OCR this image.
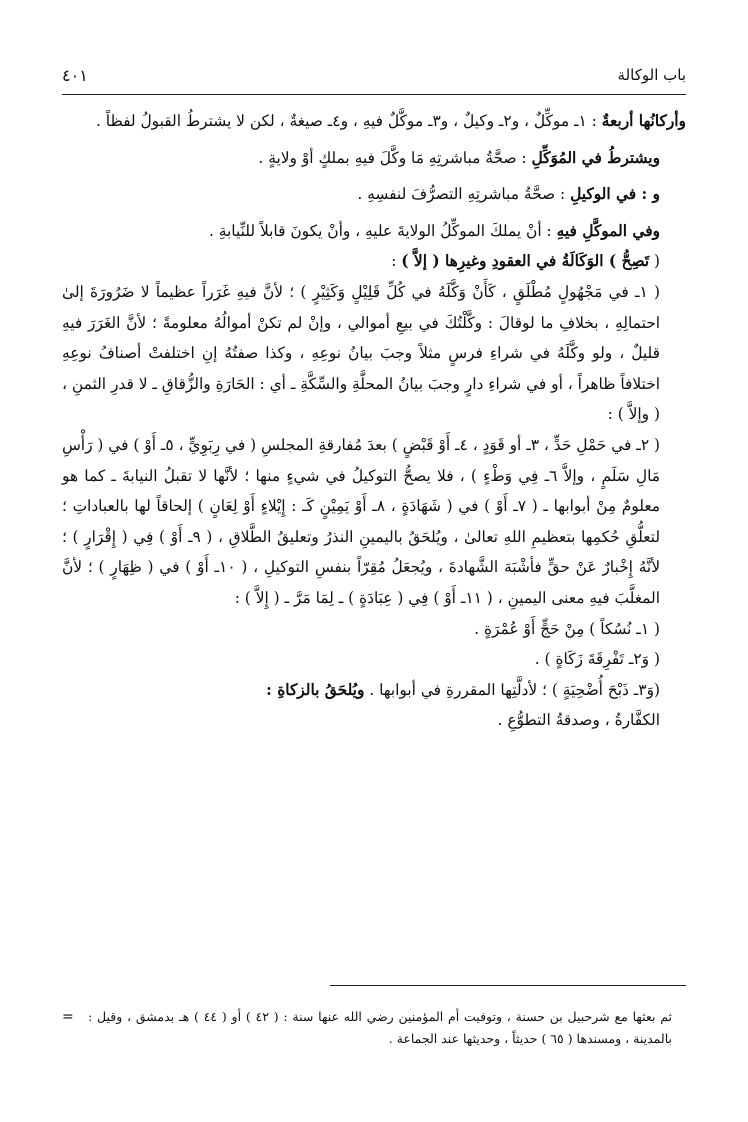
باب الوكالة
٤٠١

وأركانُها أربعةٌ : ١ـ موكِّلٌ ، و٢ـ وكيلٌ ، و٣ـ موكَّلٌ فيهِ ، و٤ـ صيغةٌ ، لكن لا يشترطُ القبولُ لفظاً .

ويشترطُ في المُوَكِّلِ : صحَّةُ مباشرتِهِ مَا وكَّلَ فيهِ بملكٍ أوْ ولايةٍ .

و : في الوكيلِ : صحَّةُ مباشرتِهِ التصرُّفَ لنفسِهِ .

وفي الموكَّلِ فيهِ : أنْ يملكَ الموكِّلُ الولايةَ عليهِ ، وأنْ يكونَ قابلاً للنِّيابةِ .

( تَصِحُّ ) الوَكَالَةُ في العقودِ وغيرِها ( إلاَّ ) :

( ١ـ في مَجْهُولٍ مُطْلَقٍ ، كَأَنْ وَكَّلَهُ في كُلِّ قَلِيْلٍ وَكَثِيْرٍ ) ؛ لأنَّ فيهِ غَرَراً عظيماً لا ضَرُورَةَ إلىٰ احتمالِهِ ، بخلافِ ما لوقالَ : وكَّلْتُكَ في بيعِ أموالي ، وإنْ لم تكنْ أموالُهُ معلومةً ؛ لأنَّ الغَرَرَ فيهِ قليلٌ ، ولو وكَّلَهُ في شراءِ فرسٍ مثلاً وجبَ بيانُ نوعِهِ ، وكذا صفتُهُ إنِ اختلفتْ أصنافُ نوعِهِ اختلافاً ظاهراً ، أو في شراءِ دارٍ وجبَ بيانُ المحلَّةِ والسِّكَّةِ ـ أي : الحَارَةِ والزُّقاقِ ـ لا قدرِ الثمنِ ، ( وإلاَّ ) :

( ٢ـ في حَمْلِ حَدٍّ ، ٣ـ أو قَوَدٍ ، ٤ـ أَوْ قَبْضٍ ) بعدَ مُفارقةِ المجلسِ ( في رِبَوِيٍّ ، ٥ـ أَوْ ) في ( رَأْسِ مَالِ سَلَمٍ ، وإلاَّ ٦ـ فِي وَطْءٍ ) ، فلا يصحُّ التوكيلُ في شيءٍ منها ؛ لأنَّها لا تقبلُ النيابةَ ـ كما هو معلومٌ مِنْ أبوابها ـ ( ٧ـ أَوْ ) في ( شَهَادَةٍ ، ٨ـ أَوْ يَمِيْنٍ كَـ : إِيْلاءٍ أَوْ لِعَانٍ ) إلحاقاً لها بالعباداتِ ؛ لتعلُّقِ حُكمِها بتعظيمِ اللهِ تعالىٰ ، ويُلحَقُ باليمينِ النذرُ وتعليقُ الطَّلاقِ ، ( ٩ـ أَوْ ) فِي ( إِقْرَارٍ ) ؛ لأنَّهُ إِخْبارٌ عَنْ حقٍّ فأشْبَهَ الشَّهادةَ ، ويُجعَلُ مُقِرّاً بنفسِ التوكيلِ ، ( ١٠ـ أَوْ ) في ( ظِهَارٍ ) ؛ لأنَّ المغلَّبَ فيهِ معنى اليمينِ ، ( ١١ـ أَوْ ) فِي ( عِبَادَةٍ ) ـ لِمَا مَرَّ ـ ( إِلاَّ ) :

( ١ـ نُسُكاً ) مِنْ حَجٍّ أَوْ عُمْرَةٍ .

( وَ٢ـ تَفْرِقَةَ زَكَاةٍ ) .

(وَ٣ـ ذَبْحَ أُضْحِيَةٍ ) ؛ لأدلَّتِها المقررةِ في أبوابها . ويُلحَقُ بالزكاةِ :

الكفَّارةُ ، وصدقةُ التطوُّعِ .

=	ثم بعثها مع شرحبيل بن حسنة ، وتوفيت أم المؤمنين رضي الله عنها سنة : ( ٤٢ ) أو ( ٤٤ ) هـ بدمشق ، وقيل : بالمدينة ، ومسندها ( ٦٥ ) حديثاً ، وحديثها عند الجماعة .
